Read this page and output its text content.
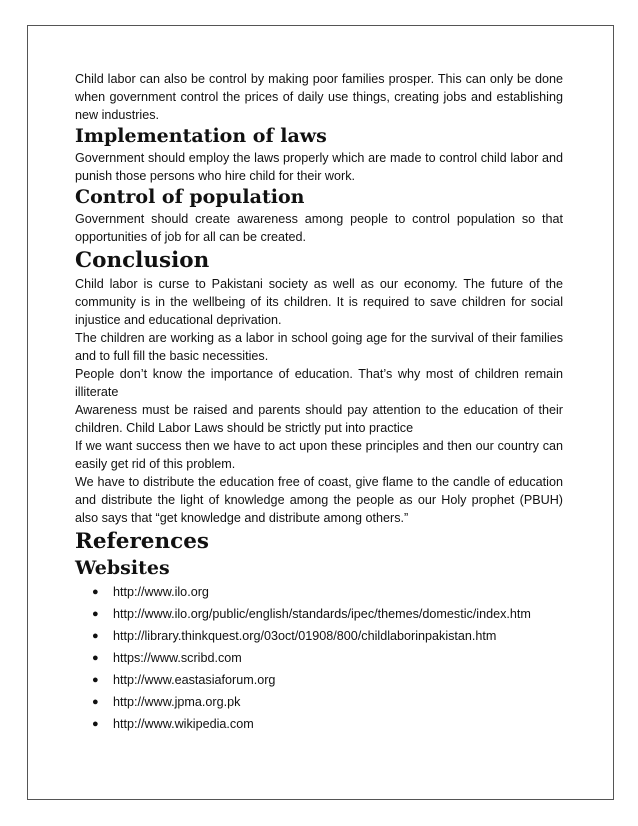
Child labor can also be control by making poor families prosper. This can only be done when government control the prices of daily use things, creating jobs and establishing new industries.

Implementation of laws

Government should employ the laws properly which are made to control child labor and punish those persons who hire child for their work.

Control of population

Government should create awareness among people to control population so that opportunities of job for all can be created.

Conclusion

Child labor is curse to Pakistani society as well as our economy. The future of the community is in the wellbeing of its children. It is required to save children for social injustice and educational deprivation.

The children are working as a labor in school going age for the survival of their families and to full fill the basic necessities.

People don’t know the importance of education. That’s why most of children remain illiterate

Awareness must be raised and parents should pay attention to the education of their children. Child Labor Laws should be strictly put into practice

If we want success then we have to act upon these principles and then our country can easily get rid of this problem.

We have to distribute the education free of coast, give flame to the candle of education and distribute the light of knowledge among the people as our Holy prophet (PBUH) also says that “get knowledge and distribute among others.”

References
Websites
● http://www.ilo.org
● http://www.ilo.org/public/english/standards/ipec/themes/domestic/index.htm
● http://library.thinkquest.org/03oct/01908/800/childlaborinpakistan.htm
● https://www.scribd.com
● http://www.eastasiaforum.org
● http://www.jpma.org.pk
● http://www.wikipedia.com
